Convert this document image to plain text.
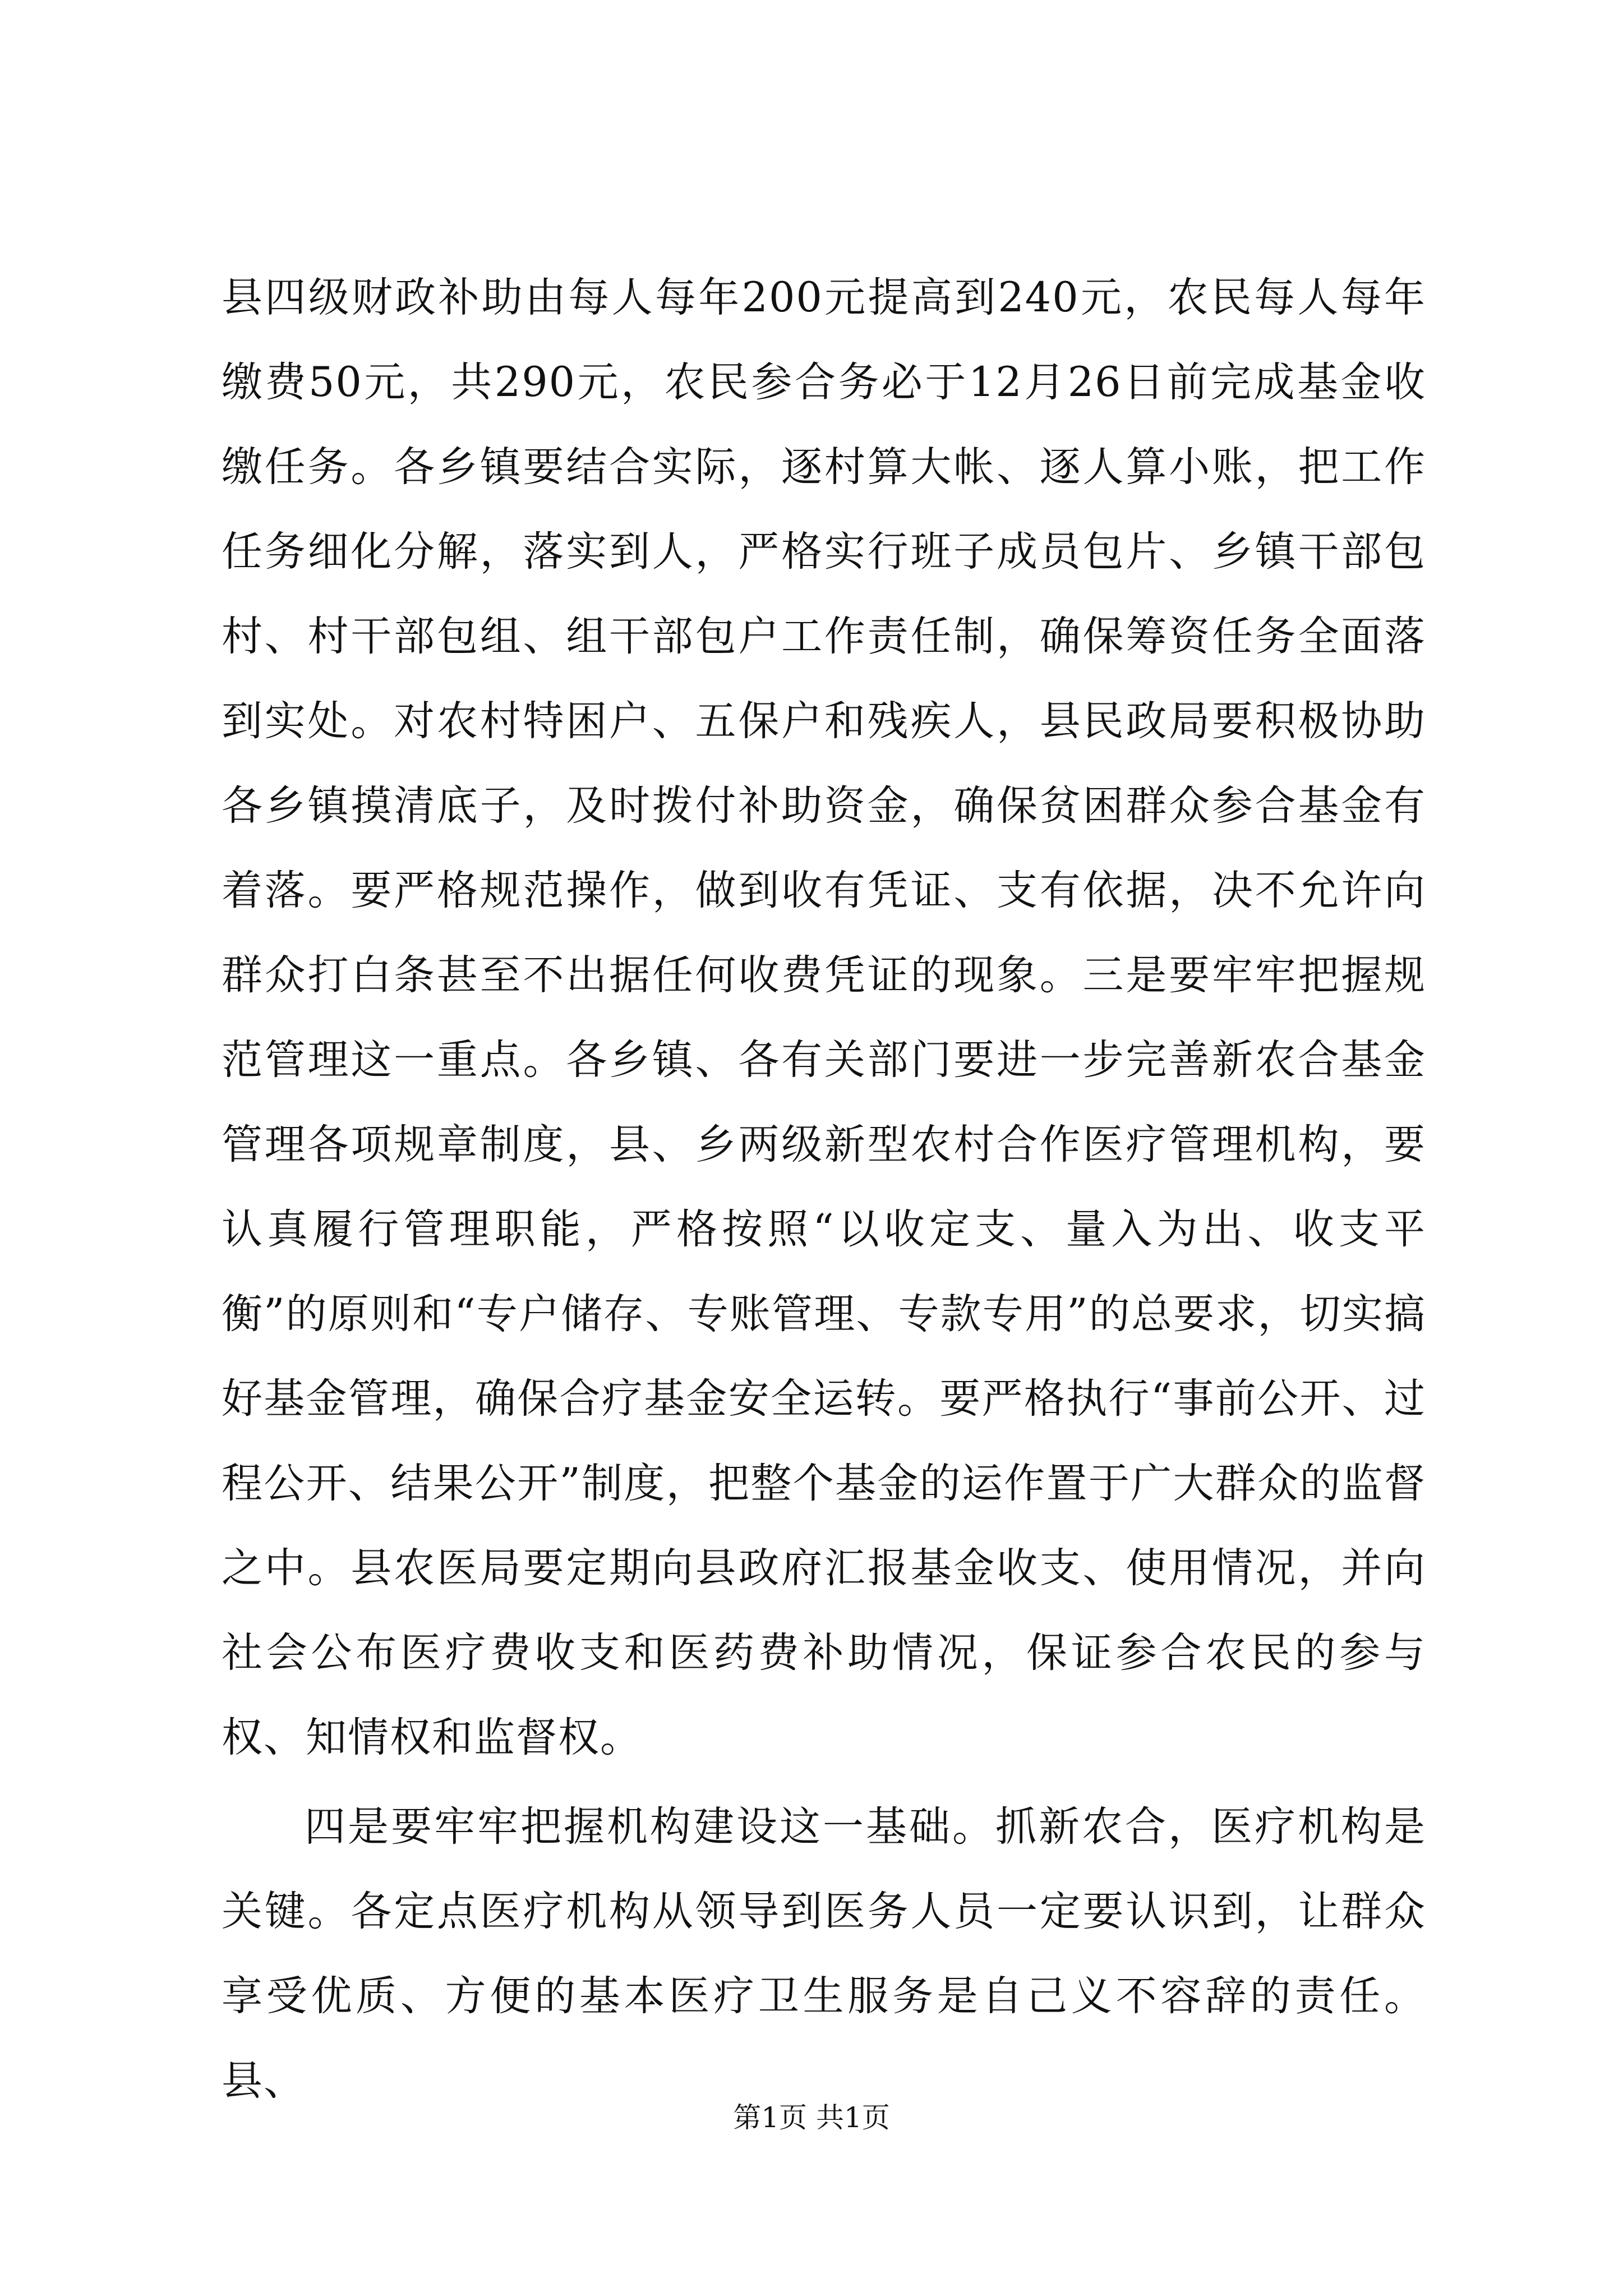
县四级财政补助由每人每年200元提高到240元，农民每人每年缴费50元，共290元，农民参合务必于12月26日前完成基金收缴任务。各乡镇要结合实际，逐村算大帐、逐人算小账，把工作任务细化分解，落实到人，严格实行班子成员包片、乡镇干部包村、村干部包组、组干部包户工作责任制，确保筹资任务全面落到实处。对农村特困户、五保户和残疾人，县民政局要积极协助各乡镇摸清底子，及时拨付补助资金，确保贫困群众参合基金有着落。要严格规范操作，做到收有凭证、支有依据，决不允许向群众打白条甚至不出据任何收费凭证的现象。三是要牢牢把握规范管理这一重点。各乡镇、各有关部门要进一步完善新农合基金管理各项规章制度，县、乡两级新型农村合作医疗管理机构，要认真履行管理职能，严格按照“以收定支、量入为出、收支平衡”的原则和“专户储存、专账管理、专款专用”的总要求，切实搞好基金管理，确保合疗基金安全运转。要严格执行“事前公开、过程公开、结果公开”制度，把整个基金的运作置于广大群众的监督之中。县农医局要定期向县政府汇报基金收支、使用情况，并向社会公布医疗费收支和医药费补助情况，保证参合农民的参与权、知情权和监督权。

四是要牢牢把握机构建设这一基础。抓新农合，医疗机构是关键。各定点医疗机构从领导到医务人员一定要认识到，让群众享受优质、方便的基本医疗卫生服务是自己义不容辞的责任。县、

第1页 共1页
